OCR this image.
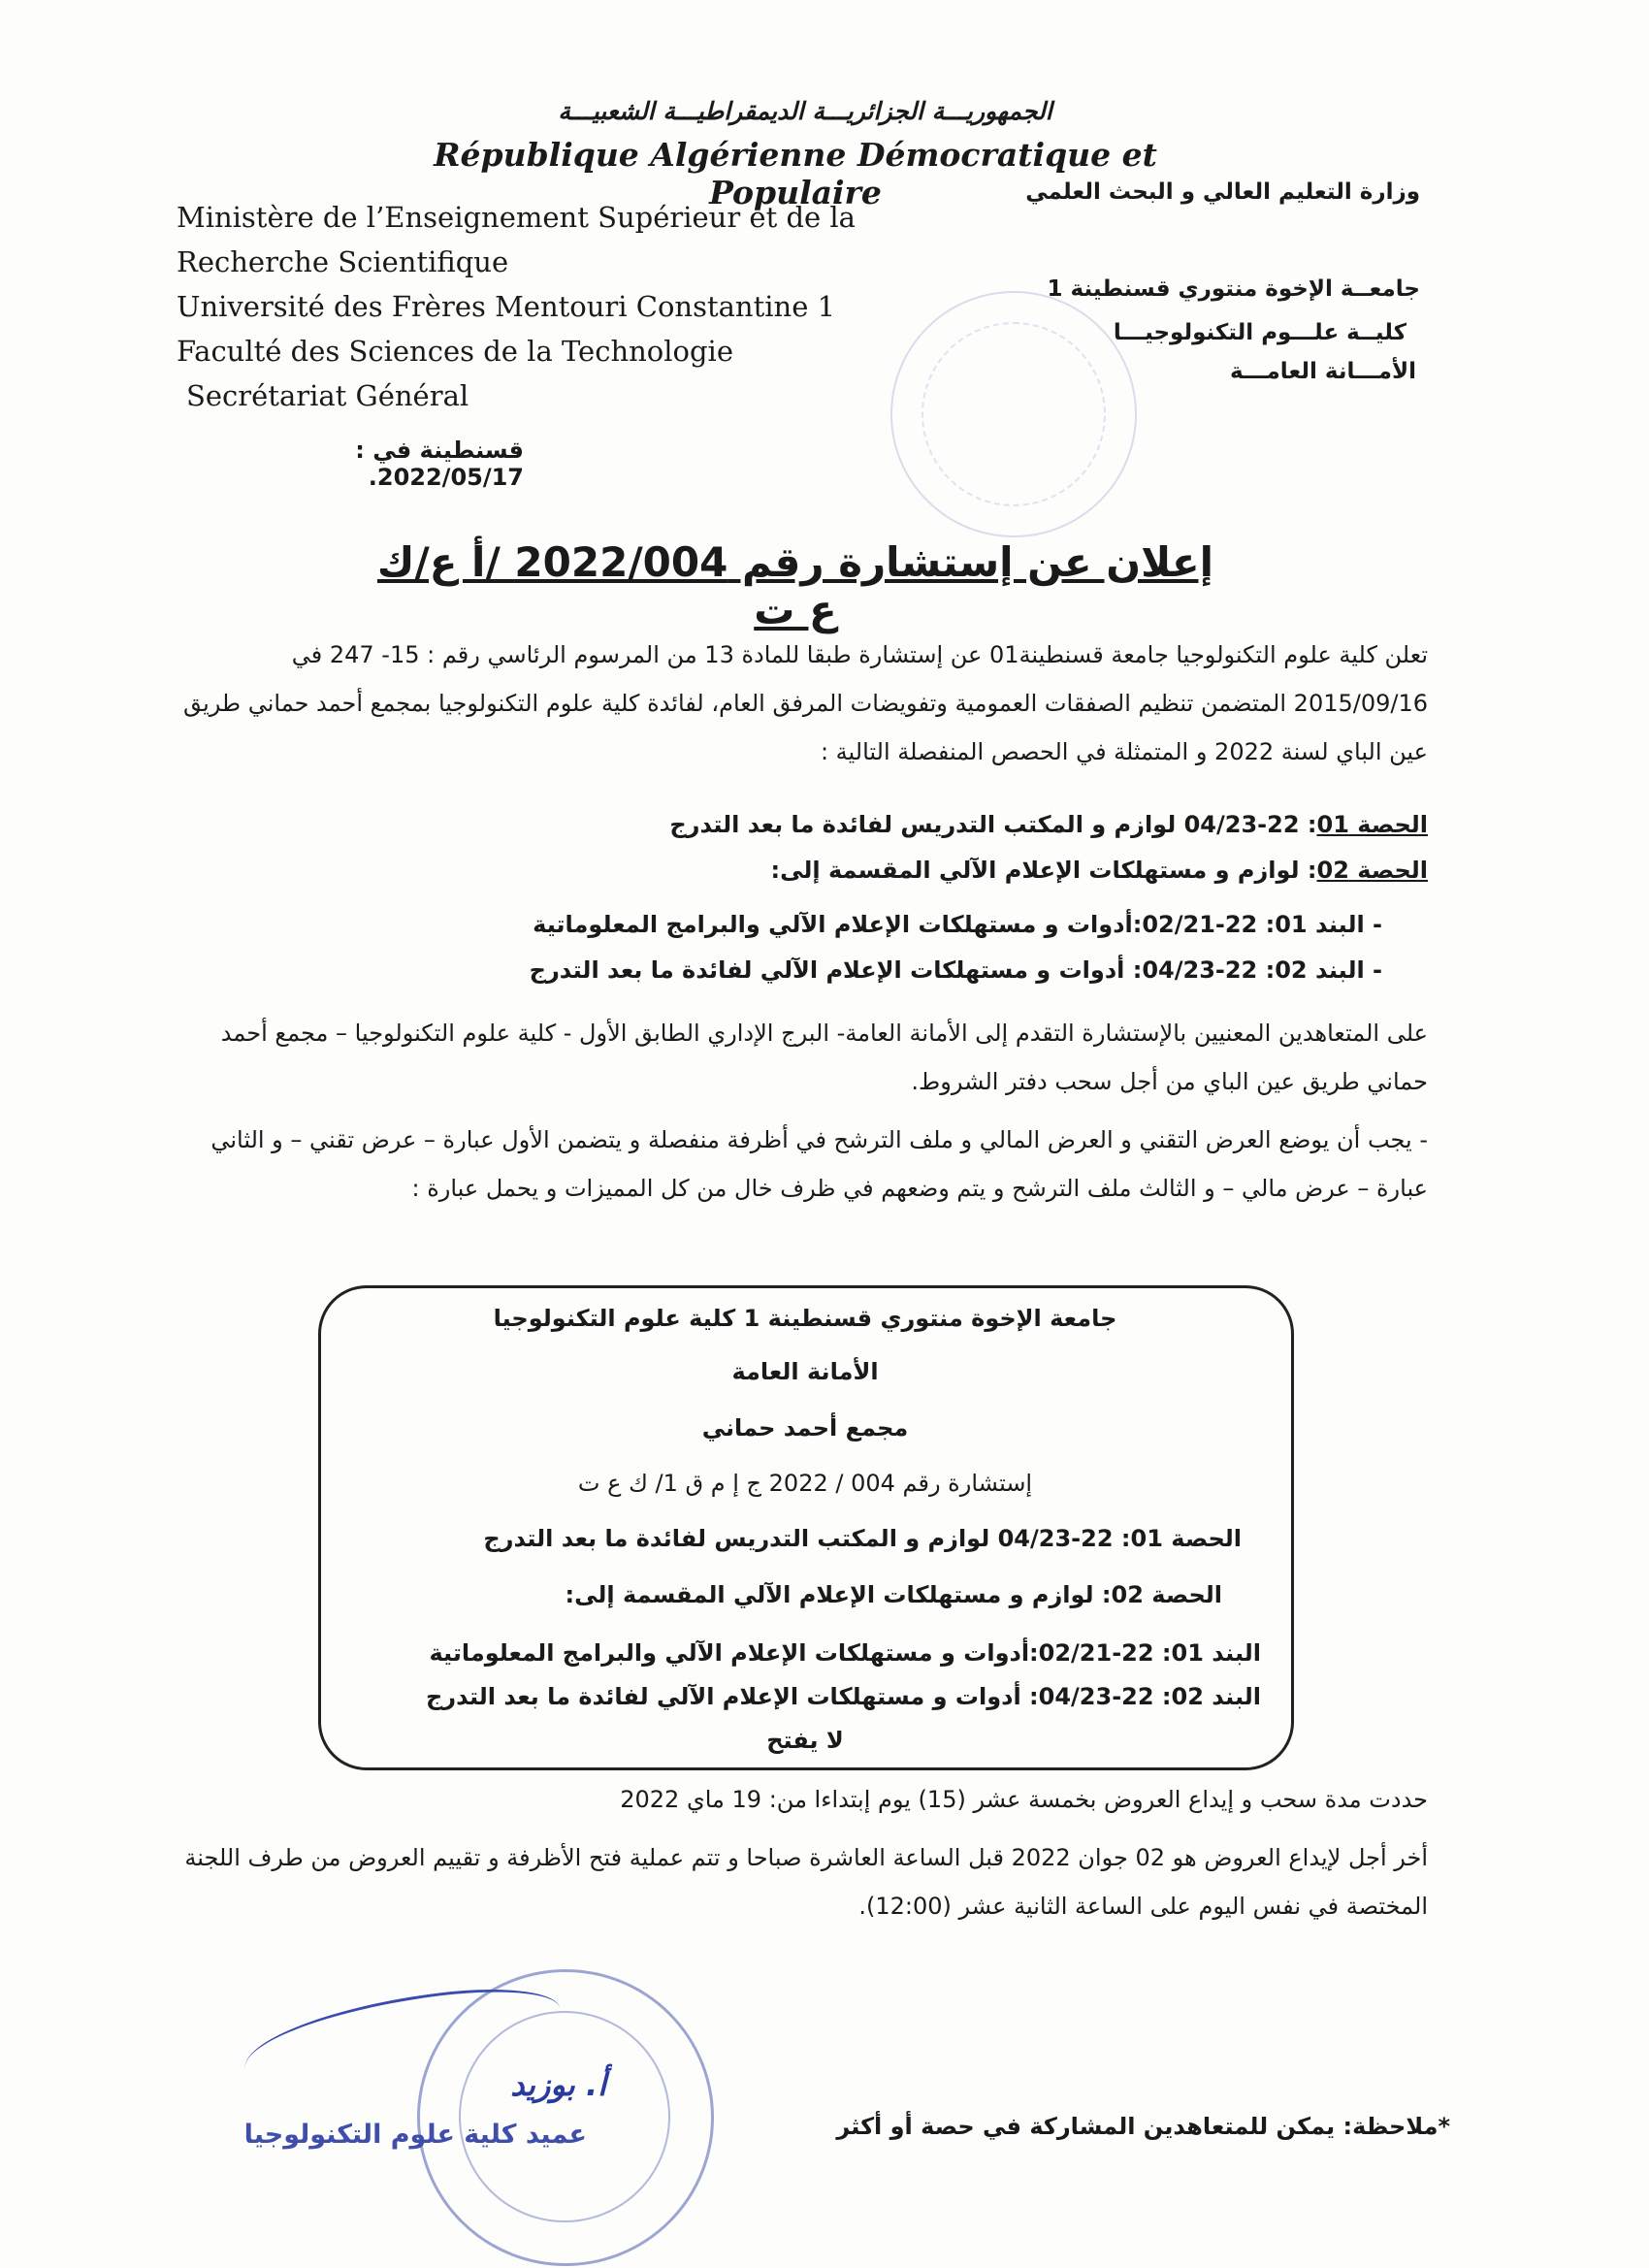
الجمهوريـــة الجزائريـــة الديمقراطيـــة الشعبيـــة
République Algérienne Démocratique et Populaire
Ministère de l’Enseignement Supérieur et de la
Recherche Scientifique
Université des Frères Mentouri Constantine 1
Faculté des Sciences de la Technologie
Secrétariat Général
وزارة التعليم العالي و البحث العلمي
جامعــة الإخوة منتوري قسنطينة 1
كليــة علـــوم التكنولوجيـــا
الأمـــانة العامـــة
قسنطينة في : 2022/05/17.
إعلان عن إستشارة رقم 2022/004 /أ ع/ك ع ت
تعلن كلية علوم التكنولوجيا جامعة قسنطينة01 عن إستشارة طبقا للمادة 13 من المرسوم الرئاسي رقم : 15- 247 في 2015/09/16 المتضمن تنظيم الصفقات العمومية وتفويضات المرفق العام، لفائدة كلية علوم التكنولوجيا بمجمع أحمد حماني طريق عين الباي لسنة 2022 و المتمثلة في الحصص المنفصلة التالية :
الحصة 01: 22-04/23 لوازم و المكتب التدريس لفائدة ما بعد التدرج
الحصة 02: لوازم و مستهلكات الإعلام الآلي المقسمة إلى:
- البند 01: 22-02/21:أدوات و مستهلكات الإعلام الآلي والبرامج المعلوماتية
- البند 02: 22-04/23: أدوات و مستهلكات الإعلام الآلي لفائدة ما بعد التدرج
على المتعاهدين المعنيين بالإستشارة التقدم إلى الأمانة العامة- البرج الإداري الطابق الأول - كلية علوم التكنولوجيا – مجمع أحمد حماني طريق عين الباي من أجل سحب دفتر الشروط.
- يجب أن يوضع العرض التقني و العرض المالي و ملف الترشح في أظرفة منفصلة و يتضمن الأول عبارة – عرض تقني – و الثاني عبارة – عرض مالي – و الثالث ملف الترشح و يتم وضعهم في ظرف خال من كل المميزات و يحمل عبارة :
جامعة الإخوة منتوري قسنطينة 1 كلية علوم التكنولوجيا
الأمانة العامة
مجمع أحمد حماني
إستشارة رقم 004 / 2022 ج إ م ق 1/ ك ع ت
الحصة 01: 22-04/23 لوازم و المكتب التدريس لفائدة ما بعد التدرج
الحصة 02: لوازم و مستهلكات الإعلام الآلي المقسمة إلى:
البند 01: 22-02/21:أدوات و مستهلكات الإعلام الآلي والبرامج المعلوماتية
البند 02: 22-04/23: أدوات و مستهلكات الإعلام الآلي لفائدة ما بعد التدرج
لا يفتح
حددت مدة سحب و إيداع العروض بخمسة عشر (15) يوم إبتداءا من: 19 ماي 2022
أخر أجل لإيداع العروض هو 02 جوان 2022 قبل الساعة العاشرة صباحا و تتم عملية فتح الأظرفة و تقييم العروض من طرف اللجنة المختصة في نفس اليوم على الساعة الثانية عشر (12:00).
أ. بوزيد
عميد كلية علوم التكنولوجيا	*ملاحظة: يمكن للمتعاهدين المشاركة في حصة أو أكثر
